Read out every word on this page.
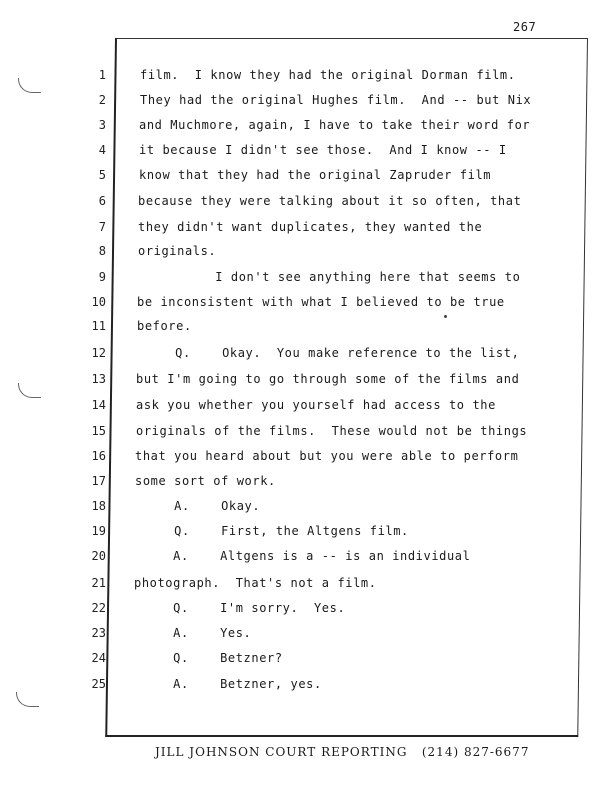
267
1	film.  I know they had the original Dorman film.
2	They had the original Hughes film.  And -- but Nix
3	and Muchmore, again, I have to take their word for
4	it because I didn't see those.  And I know -- I
5	know that they had the original Zapruder film
6	because they were talking about it so often, that
7	they didn't want duplicates, they wanted the
8	originals.
9	I don't see anything here that seems to
10	be inconsistent with what I believed to be true
11	before.
12	Q.    Okay.  You make reference to the list,
13	but I'm going to go through some of the films and
14	ask you whether you yourself had access to the
15	originals of the films.  These would not be things
16 that you heard about but you were able to perform
17 some sort of work.
18 A.    Okay.
19 Q.    First, the Altgens film.
20 A.    Altgens is a -- is an individual
21 photograph.  That's not a film.
22 Q.    I'm sorry.  Yes.
23 A.    Yes.
24 Q.    Betzner?
25 A.    Betzner, yes.
JILL JOHNSON COURT REPORTING   (214) 827-6677
